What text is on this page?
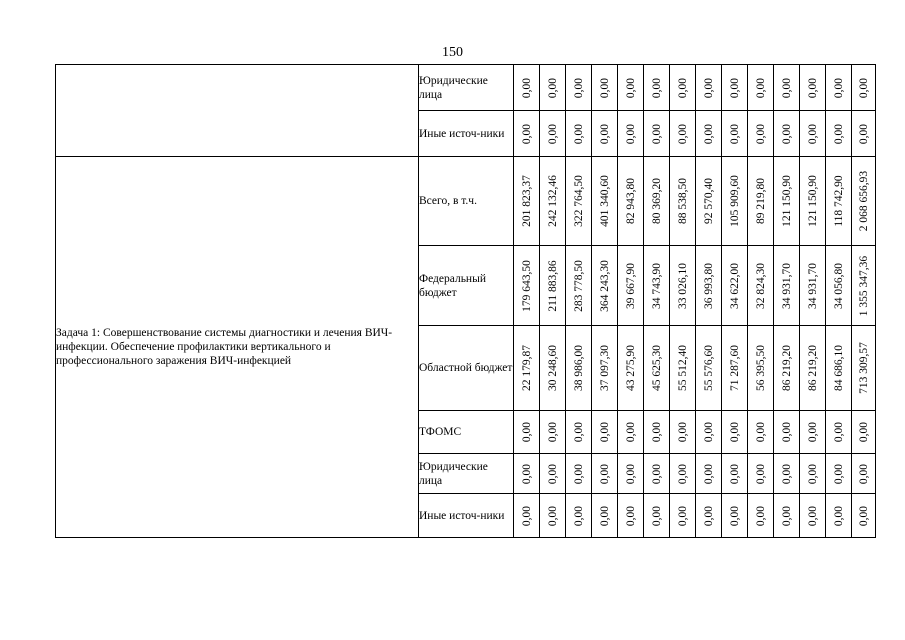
150
	Юридические лица	0,00	0,00	0,00	0,00	0,00	0,00	0,00	0,00	0,00	0,00	0,00	0,00	0,00	0,00

	Иные источ-ники	0,00	0,00	0,00	0,00	0,00	0,00	0,00	0,00	0,00	0,00	0,00	0,00	0,00	0,00

Задача 1: Совершенствование системы диагностики и лечения ВИЧ-инфекции. Обеспечение профилактики вертикального и профессионального заражения ВИЧ-инфекцией	Всего, в т.ч.	201 823,37	242 132,46	322 764,50	401 340,60	82 943,80	80 369,20	88 538,50	92 570,40	105 909,60	89 219,80	121 150,90	121 150,90	118 742,90	2 068 656,93

	Федеральный бюджет	179 643,50	211 883,86	283 778,50	364 243,30	39 667,90	34 743,90	33 026,10	36 993,80	34 622,00	32 824,30	34 931,70	34 931,70	34 056,80	1 355 347,36

	Областной бюджет	22 179,87	30 248,60	38 986,00	37 097,30	43 275,90	45 625,30	55 512,40	55 576,60	71 287,60	56 395,50	86 219,20	86 219,20	84 686,10	713 309,57

	ТФОМС	0,00	0,00	0,00	0,00	0,00	0,00	0,00	0,00	0,00	0,00	0,00	0,00	0,00	0,00

	Юридические лица	0,00	0,00	0,00	0,00	0,00	0,00	0,00	0,00	0,00	0,00	0,00	0,00	0,00	0,00

	Иные источ-ники	0,00	0,00	0,00	0,00	0,00	0,00	0,00	0,00	0,00	0,00	0,00	0,00	0,00	0,00
